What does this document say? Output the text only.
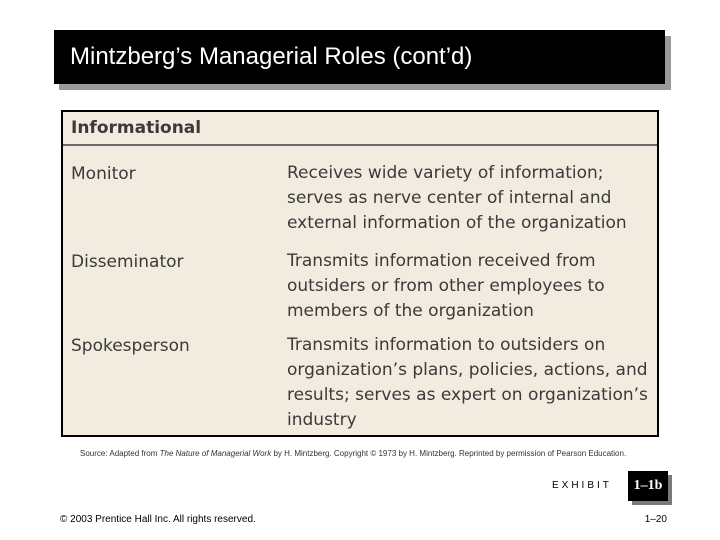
Mintzberg’s Managerial Roles (cont’d)
Informational
Monitor	Receives wide variety of information; serves as nerve center of internal and external information of the organization
Disseminator	Transmits information received from outsiders or from other employees to members of the organization
Spokesperson	Transmits information to outsiders on organization’s plans, policies, actions, and results; serves as expert on organization’s industry
Source: Adapted from The Nature of Managerial Work by H. Mintzberg. Copyright © 1973 by H. Mintzberg. Reprinted by permission of Pearson Education.
EXHIBIT 1–1b
© 2003 Prentice Hall Inc. All rights reserved.	1–20
